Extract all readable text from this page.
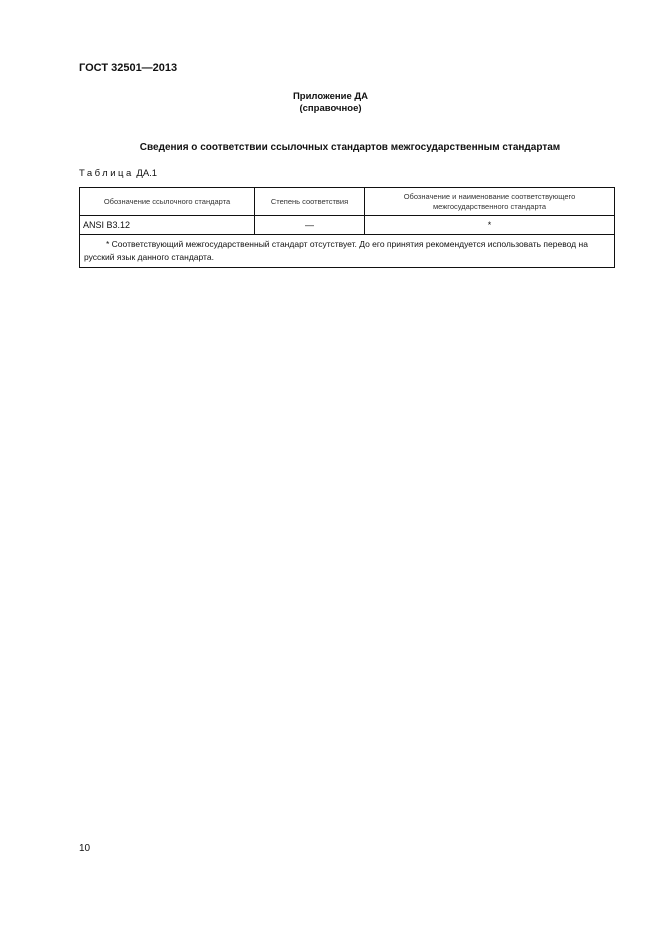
ГОСТ 32501—2013
Приложение ДА
(справочное)
Сведения о соответствии ссылочных стандартов межгосударственным стандартам
Таблица ДА.1
Обозначение ссылочного стандарта	Степень соответствия	Обозначение и наименование соответствующего межгосударственного стандарта
ANSI B3.12	—	*
* Соответствующий межгосударственный стандарт отсутствует. До его принятия рекомендуется использовать перевод на русский язык данного стандарта.		
10
